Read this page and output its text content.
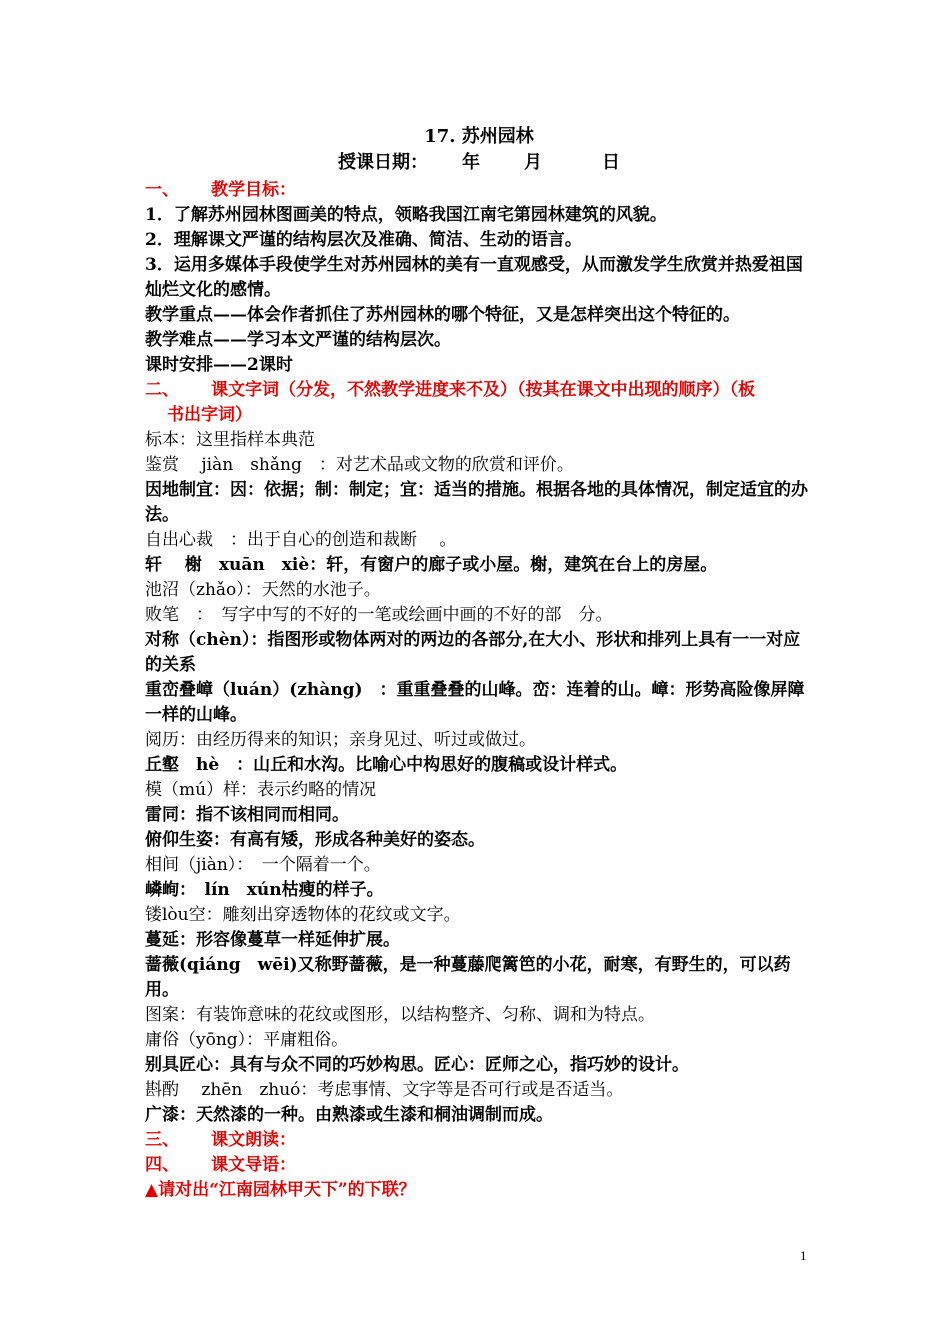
17. 苏州园林
授课日期： 年 月	日
一、 教学目标：
1．了解苏州园林图画美的特点，领略我国江南宅第园林建筑的风貌。
2．理解课文严谨的结构层次及准确、简洁、生动的语言。
3．运用多媒体手段使学生对苏州园林的美有一直观感受，从而激发学生欣赏并热爱祖国灿烂文化的感情。
教学重点——体会作者抓住了苏州园林的哪个特征，又是怎样突出这个特征的。
教学难点——学习本文严谨的结构层次。
课时安排——2课时
二、 课文字词（分发，不然教学进度来不及）（按其在课文中出现的顺序）（板
书出字词）
标本：这里指样本典范
鉴赏　 jiàn　shǎng　：对艺术品或文物的欣赏和评价。
因地制宜：因：依据；制：制定；宜：适当的措施。根据各地的具体情况，制定适宜的办法。
自出心裁　：出于自心的创造和裁断　 。
轩　 榭　xuān　xiè：轩，有窗户的廊子或小屋。榭，建筑在台上的房屋。
池沼（zhǎo）：天然的水池子。
败笔　：　写字中写的不好的一笔或绘画中画的不好的部　分。
对称（chèn）：指图形或物体两对的两边的各部分,在大小、形状和排列上具有一一对应的关系
重峦叠嶂（luán）(zhàng)　：重重叠叠的山峰。峦：连着的山。嶂：形势高险像屏障一样的山峰。
阅历：由经历得来的知识；亲身见过、听过或做过。
丘壑　hè　：山丘和水沟。比喻心中构思好的腹稿或设计样式。
模（mú）样：表示约略的情况
雷同：指不该相同而相同。
俯仰生姿：有高有矮，形成各种美好的姿态。
相间（jiàn）：　一个隔着一个。
嶙峋：　lín　xún枯瘦的样子。
镂lòu空：雕刻出穿透物体的花纹或文字。
蔓延：形容像蔓草一样延伸扩展。
蔷薇(qiáng　wēi)又称野蔷薇，是一种蔓藤爬篱笆的小花，耐寒，有野生的，可以药用。
图案：有装饰意味的花纹或图形，以结构整齐、匀称、调和为特点。
庸俗（yōng）：平庸粗俗。
别具匠心：具有与众不同的巧妙构思。匠心：匠师之心，指巧妙的设计。
斟酌　 zhēn　zhuó：考虑事情、文字等是否可行或是否适当。
广漆：天然漆的一种。由熟漆或生漆和桐油调制而成。
三、 课文朗读：
四、 课文导语：
▲请对出“江南园林甲天下”的下联？
1
